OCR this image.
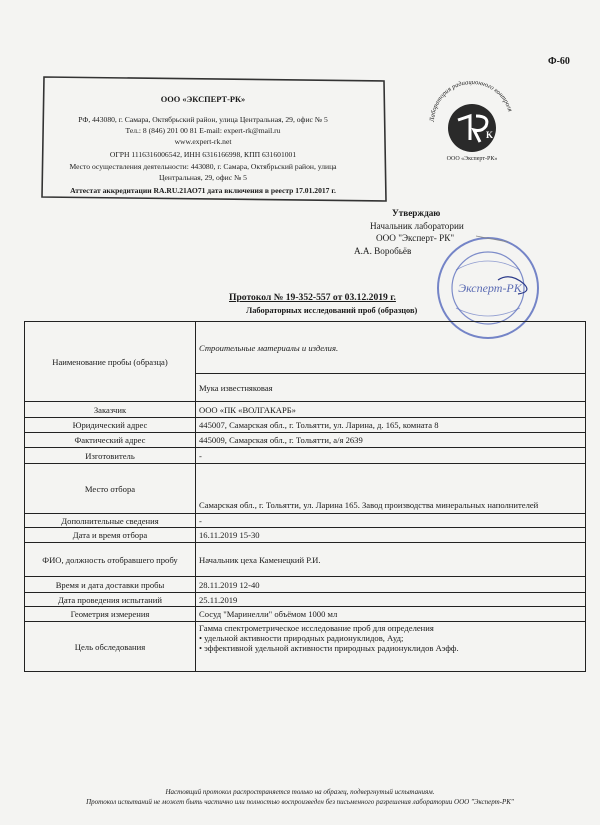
Ф-60
ООО «ЭКСПЕРТ-РК»
РФ, 443080, г. Самара, Октябрьский район, улица Центральная, 29, офис № 5
Тел.: 8 (846) 201 00 81 E-mail: expert-rk@mail.ru
www.expert-rk.net
ОГРН 1116316006542, ИНН 6316166998, КПП 631601001
Место осуществления деятельности: 443080, г. Самара, Октябрьский район, улица
Центральная, 29, офис № 5
Аттестат аккредитации RA.RU.21АО71 дата включения в реестр 17.01.2017 г.
Лаборатория радиационного контроля
K
ООО «Эксперт-РК»
Утверждаю
Начальник лаборатории
ООО "Эксперт- РК"
А.А. Воробьёв
Эксперт-РК
Протокол № 19-352-557 от 03.12.2019 г.
Лабораторных исследований проб (образцов)
Наименование пробы (образца)	Строительные материалы и изделия.
	Мука известняковая
Заказчик	ООО «ПК «ВОЛГАКАРБ»
Юридический адрес	445007, Самарская обл., г. Тольятти, ул. Ларина, д. 165, комната 8
Фактический адрес	445009, Самарская обл., г. Тольятти, а/я 2639
Изготовитель	-
Место отбора	Самарская обл., г. Тольятти, ул. Ларина 165. Завод производства минеральных наполнителей
Дополнительные сведения	-
Дата и время отбора	16.11.2019 15-30
ФИО, должность отобравшего пробу	Начальник цеха Каменецкий Р.И.
Время и дата доставки пробы	28.11.2019 12-40
Дата проведения испытаний	25.11.2019
Геометрия измерения	Сосуд "Маринелли" объёмом 1000 мл
Цель обследования	Гамма спектрометрическое исследование проб для определения
• удельной активности природных радионуклидов, Ауд;
• эффективной удельной активности природных радионуклидов Аэфф.
Настоящий протокол распространяется только на образец, подвергнутый испытаниям.
Протокол испытаний не может быть частично или полностью воспроизведен без письменного разрешения лаборатории ООО "Эксперт-РК"
